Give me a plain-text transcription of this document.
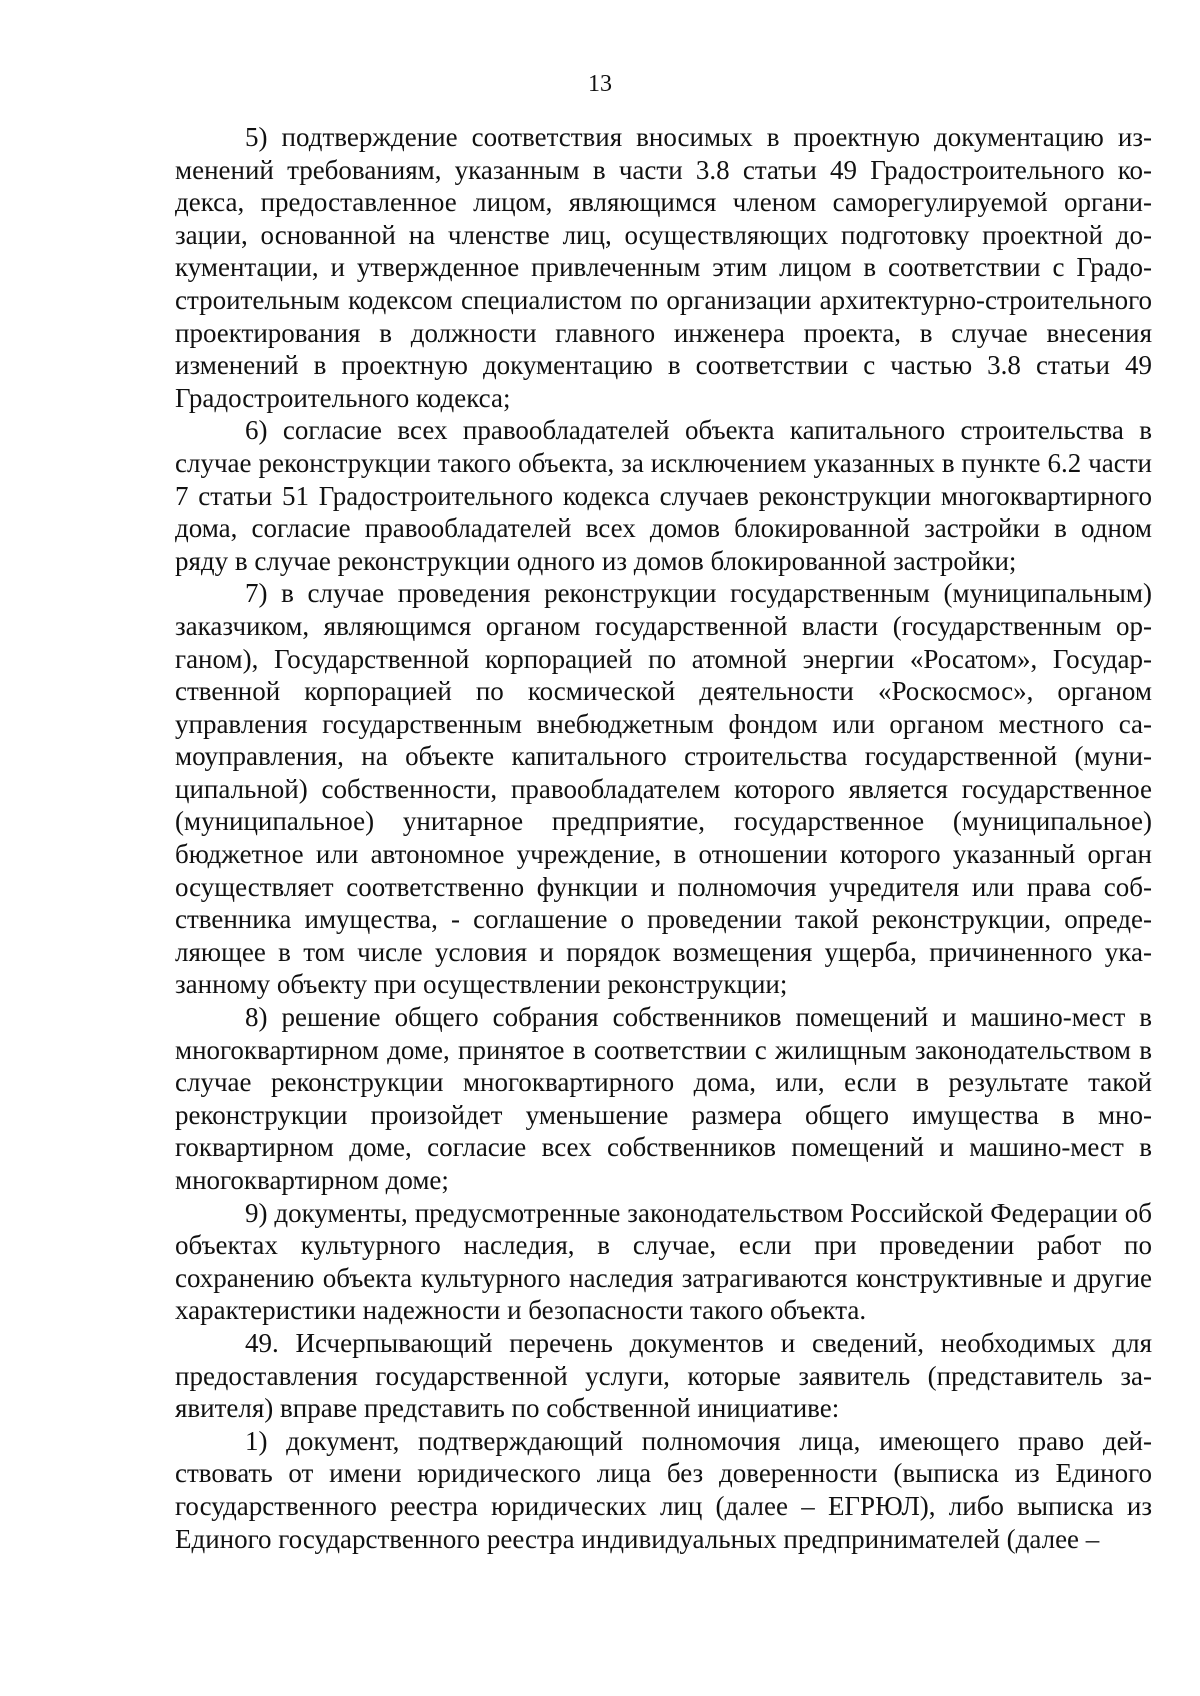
13

5) подтверждение соответствия вносимых в проектную документацию изменений требованиям, указанным в части 3.8 статьи 49 Градостроительного кодекса, предоставленное лицом, являющимся членом саморегулируемой организации, основанной на членстве лиц, осуществляющих подготовку проектной документации, и утвержденное привлеченным этим лицом в соответствии с Градостроительным кодексом специалистом по организации архитектурно-строительного проектирования в должности главного инженера проекта, в случае внесения изменений в проектную документацию в соответствии с частью 3.8 статьи 49 Градостроительного кодекса;

6) согласие всех правообладателей объекта капитального строительства в случае реконструкции такого объекта, за исключением указанных в пункте 6.2 части 7 статьи 51 Градостроительного кодекса случаев реконструкции многоквартирного дома, согласие правообладателей всех домов блокированной застройки в одном ряду в случае реконструкции одного из домов блокированной застройки;

7) в случае проведения реконструкции государственным (муниципальным) заказчиком, являющимся органом государственной власти (государственным органом), Государственной корпорацией по атомной энергии «Росатом», Государственной корпорацией по космической деятельности «Роскосмос», органом управления государственным внебюджетным фондом или органом местного самоуправления, на объекте капитального строительства государственной (муниципальной) собственности, правообладателем которого является государственное (муниципальное) унитарное предприятие, государственное (муниципальное) бюджетное или автономное учреждение, в отношении которого указанный орган осуществляет соответственно функции и полномочия учредителя или права собственника имущества, - соглашение о проведении такой реконструкции, определяющее в том числе условия и порядок возмещения ущерба, причиненного указанному объекту при осуществлении реконструкции;

8) решение общего собрания собственников помещений и машино-мест в многоквартирном доме, принятое в соответствии с жилищным законодательством в случае реконструкции многоквартирного дома, или, если в результате такой реконструкции произойдет уменьшение размера общего имущества в многоквартирном доме, согласие всех собственников помещений и машино-мест в многоквартирном доме;

9) документы, предусмотренные законодательством Российской Федерации об объектах культурного наследия, в случае, если при проведении работ по сохранению объекта культурного наследия затрагиваются конструктивные и другие характеристики надежности и безопасности такого объекта.

49. Исчерпывающий перечень документов и сведений, необходимых для предоставления государственной услуги, которые заявитель (представитель заявителя) вправе представить по собственной инициативе:

1) документ, подтверждающий полномочия лица, имеющего право действовать от имени юридического лица без доверенности (выписка из Единого государственного реестра юридических лиц (далее – ЕГРЮЛ), либо выписка из Единого государственного реестра индивидуальных предпринимателей (далее –
